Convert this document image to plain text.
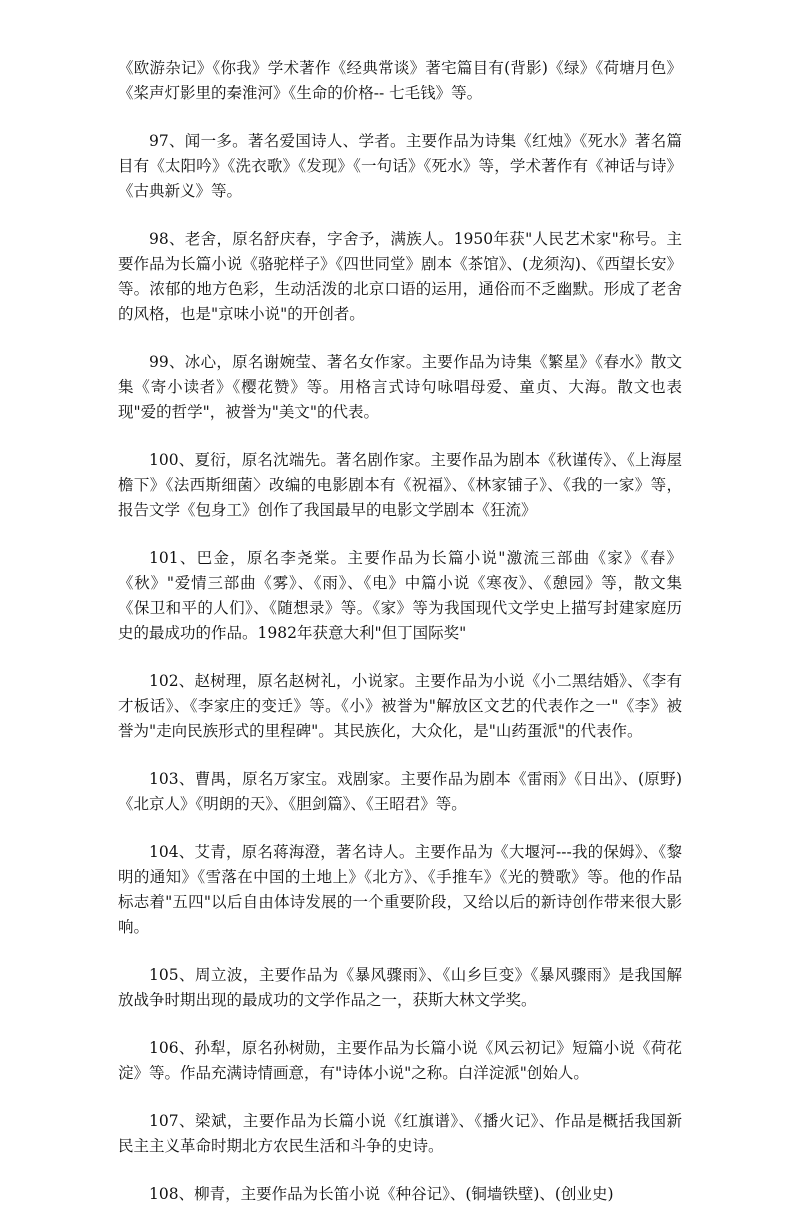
《欧游杂记》《你我》学术著作《经典常谈》著宅篇目有(背影)《绿》《荷塘月色》《桨声灯影里的秦淮河》《生命的价格-- 七毛钱》等。

97、闻一多。著名爱国诗人、学者。主要作品为诗集《红烛》《死水》著名篇目有《太阳吟》《洗衣歌》《发现》《一句话》《死水》等，学术著作有《神话与诗》《古典新义》等。

98、老舍，原名舒庆春，字舍予，满族人。1950年获"人民艺术家"称号。主要作品为长篇小说《骆驼样子》《四世同堂》剧本《茶馆》、(龙须沟)、《西望长安》等。浓郁的地方色彩，生动活泼的北京口语的运用，通俗而不乏幽默。形成了老舍的风格，也是"京味小说"的开创者。

99、冰心，原名谢婉莹、著名女作家。主要作品为诗集《繁星》《春水》散文集《寄小读者》《樱花赞》等。用格言式诗句咏唱母爱、童贞、大海。散文也表现"爱的哲学"，被誉为"美文"的代表。

100、夏衍，原名沈端先。著名剧作家。主要作品为剧本《秋谨传》、《上海屋檐下》《法西斯细菌〉改编的电影剧本有《祝福》、《林家铺子》、《我的一家》等，报告文学《包身工》创作了我国最早的电影文学剧本《狂流》

101、巴金，原名李尧棠。主要作品为长篇小说"激流三部曲《家》《春》《秋》"爱情三部曲《雾》、《雨》、《电》中篇小说《寒夜》、《憩园》等，散文集《保卫和平的人们》、《随想录》等。《家》等为我国现代文学史上描写封建家庭历史的最成功的作品。1982年获意大利"但丁国际奖"

102、赵树理，原名赵树礼，小说家。主要作品为小说《小二黑结婚》、《李有才板话》、《李家庄的变迁》等。《小》被誉为"解放区文艺的代表作之一"《李》被誉为"走向民族形式的里程碑"。其民族化，大众化，是"山药蛋派"的代表作。

103、曹禺，原名万家宝。戏剧家。主要作品为剧本《雷雨》《日出》、(原野)《北京人》《明朗的天》、《胆剑篇》、《王昭君》等。

104、艾青，原名蒋海澄，著名诗人。主要作品为《大堰河---我的保姆》、《黎明的通知》《雪落在中国的土地上》《北方》、《手推车》《光的赞歌》等。他的作品标志着"五四"以后自由体诗发展的一个重要阶段，又给以后的新诗创作带来很大影响。

105、周立波，主要作品为《暴风骤雨》、《山乡巨变》《暴风骤雨》是我国解放战争时期出现的最成功的文学作品之一，获斯大林文学奖。

106、孙犁，原名孙树勋，主要作品为长篇小说《风云初记》短篇小说《荷花淀》等。作品充满诗情画意，有"诗体小说"之称。白洋淀派"创始人。

107、梁斌，主要作品为长篇小说《红旗谱》、《播火记》、作品是概括我国新民主主义革命时期北方农民生活和斗争的史诗。

108、柳青，主要作品为长笛小说《种谷记》、(铜墙铁壁)、(创业史)
